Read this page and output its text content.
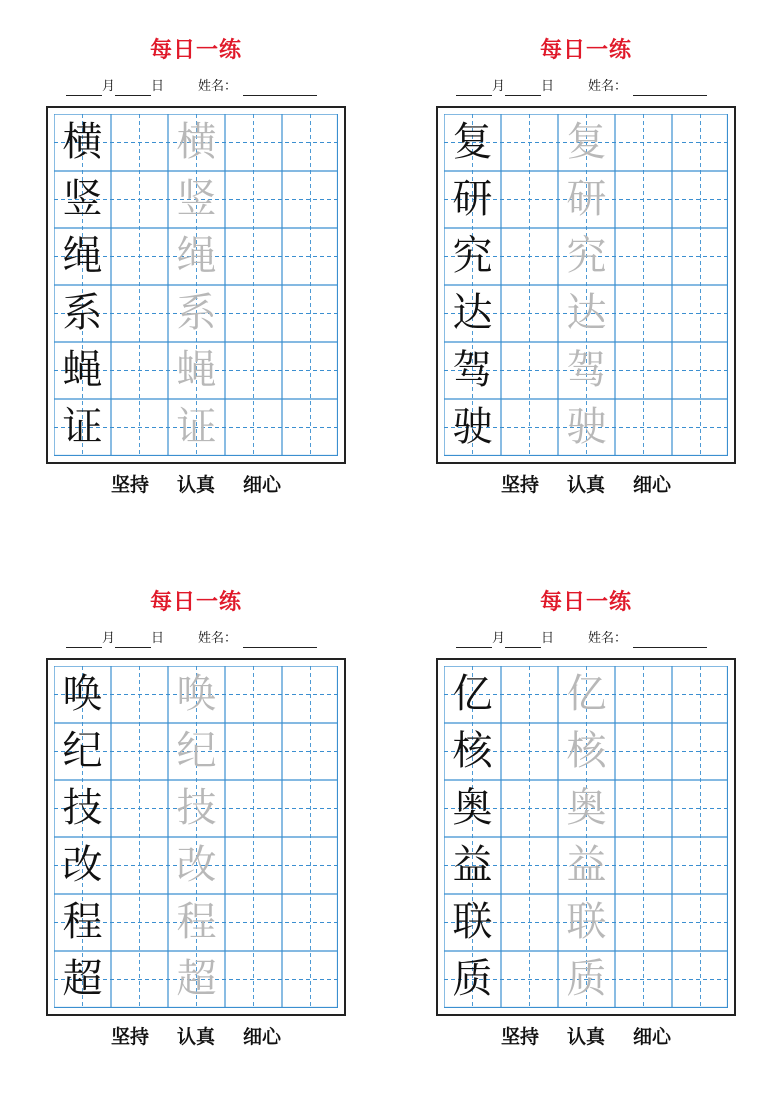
每日一练
月	日	姓名：
横 横
竖 竖
绳 绳
系 系
蝇 蝇
证 证
坚持 认真 细心
每日一练
月	日	姓名：
复 复
研 研
究 究
达 达
驾 驾
驶 驶
坚持 认真 细心
每日一练
月	日	姓名：
唤 唤
纪 纪
技 技
改 改
程 程
超 超
坚持 认真 细心
每日一练
月	日	姓名：
亿 亿
核 核
奥 奥
益 益
联 联
质 质
坚持 认真 细心
